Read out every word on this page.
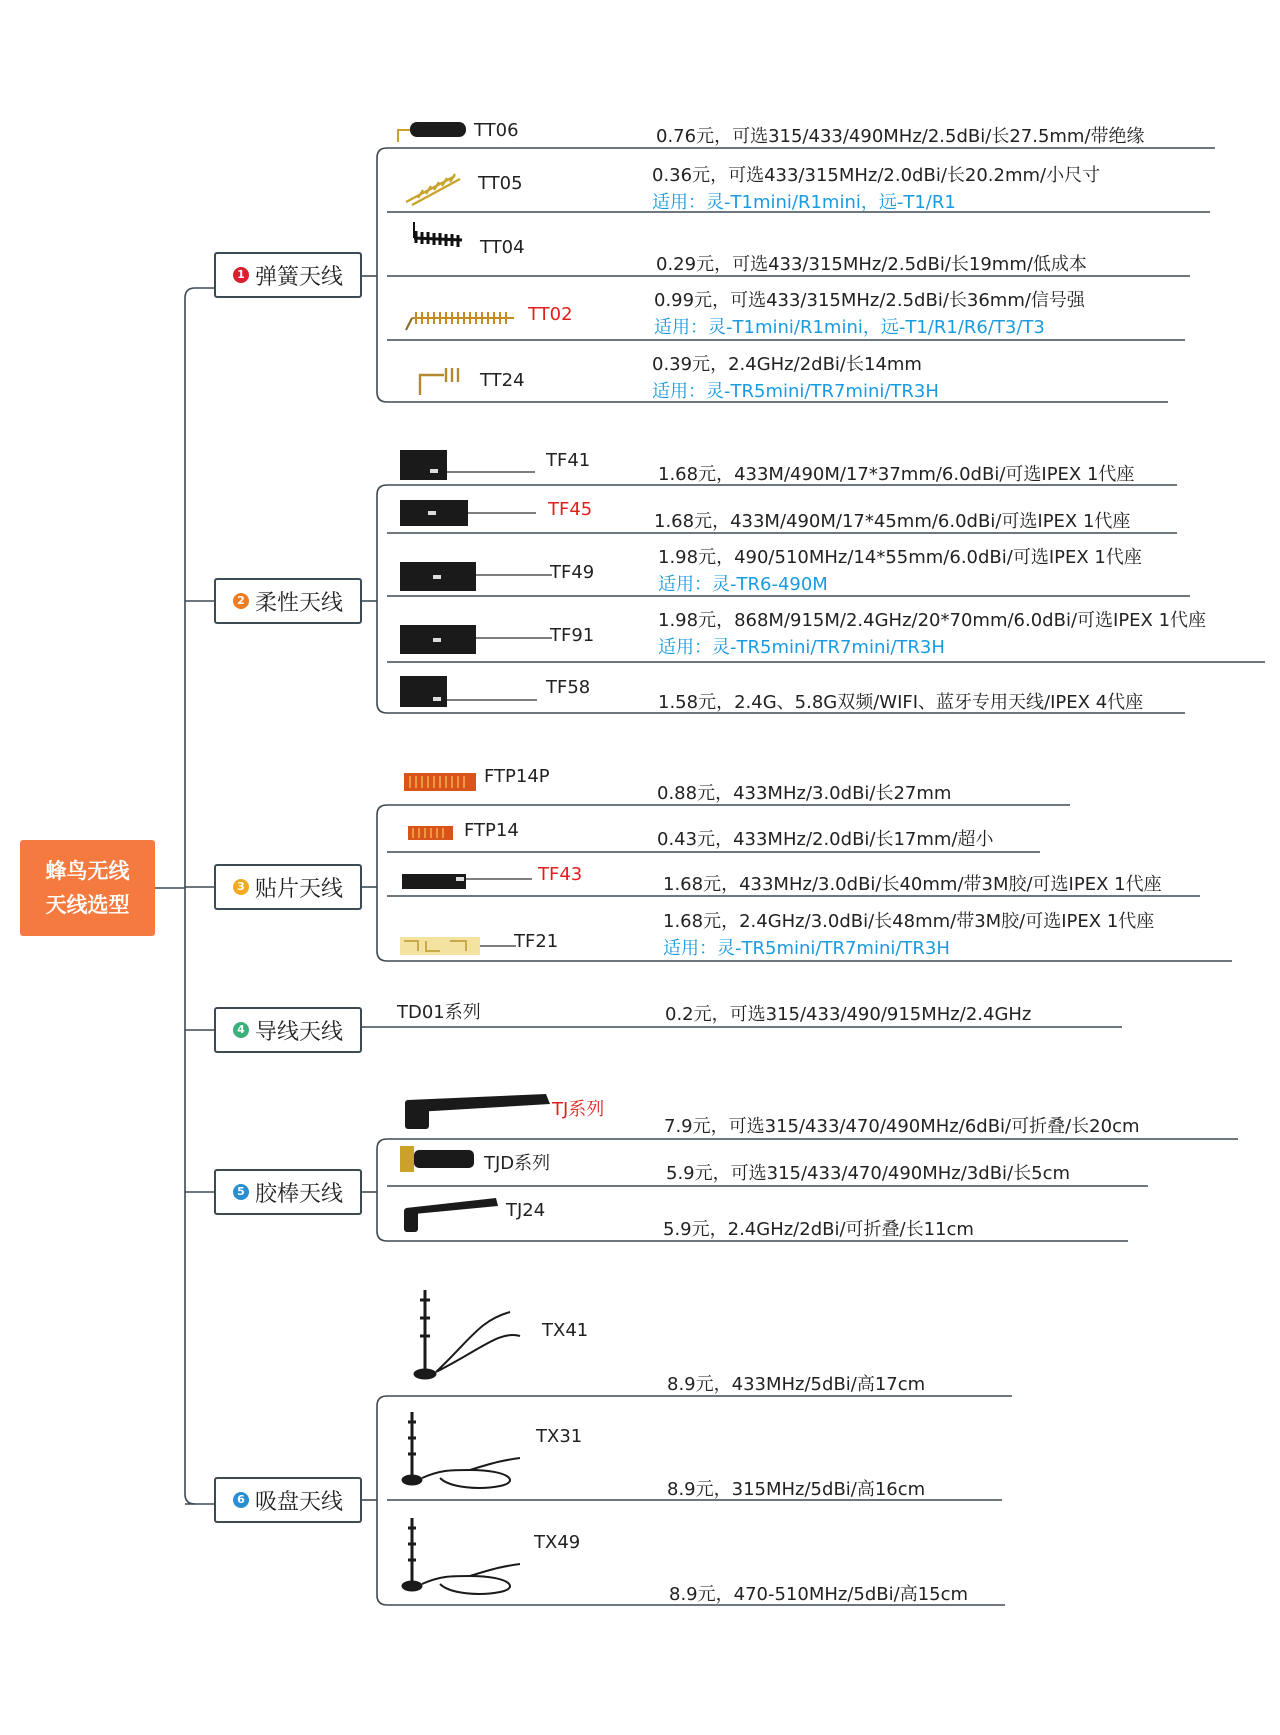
蜂鸟无线
天线选型
1 弹簧天线
2 柔性天线
3 贴片天线
4 导线天线
5 胶棒天线
6 吸盘天线
TT06
TT05
TT04
TT02
TT24
TF41
TF45
TF49
TF91
TF58
FTP14P
FTP14
TF43
TF21
TD01系列
TJ系列
TJD系列
TJ24
TX41
TX31
TX49
0.76元，可选315/433/490MHz/2.5dBi/长27.5mm/带绝缘
0.36元，可选433/315MHz/2.0dBi/长20.2mm/小尺寸
适用：灵-T1mini/R1mini，远-T1/R1
0.29元，可选433/315MHz/2.5dBi/长19mm/低成本
0.99元，可选433/315MHz/2.5dBi/长36mm/信号强
适用：灵-T1mini/R1mini，远-T1/R1/R6/T3/T3
0.39元，2.4GHz/2dBi/长14mm
适用：灵-TR5mini/TR7mini/TR3H
1.68元，433M/490M/17*37mm/6.0dBi/可选IPEX 1代座
1.68元，433M/490M/17*45mm/6.0dBi/可选IPEX 1代座
1.98元，490/510MHz/14*55mm/6.0dBi/可选IPEX 1代座
适用：灵-TR6-490M
1.98元，868M/915M/2.4GHz/20*70mm/6.0dBi/可选IPEX 1代座
适用：灵-TR5mini/TR7mini/TR3H
1.58元，2.4G、5.8G双频/WIFI、蓝牙专用天线/IPEX 4代座
0.88元，433MHz/3.0dBi/长27mm
0.43元，433MHz/2.0dBi/长17mm/超小
1.68元，433MHz/3.0dBi/长40mm/带3M胶/可选IPEX 1代座
1.68元，2.4GHz/3.0dBi/长48mm/带3M胶/可选IPEX 1代座
适用：灵-TR5mini/TR7mini/TR3H
0.2元，可选315/433/490/915MHz/2.4GHz
7.9元，可选315/433/470/490MHz/6dBi/可折叠/长20cm
5.9元，可选315/433/470/490MHz/3dBi/长5cm
5.9元，2.4GHz/2dBi/可折叠/长11cm
8.9元，433MHz/5dBi/高17cm
8.9元，315MHz/5dBi/高16cm
8.9元，470-510MHz/5dBi/高15cm
